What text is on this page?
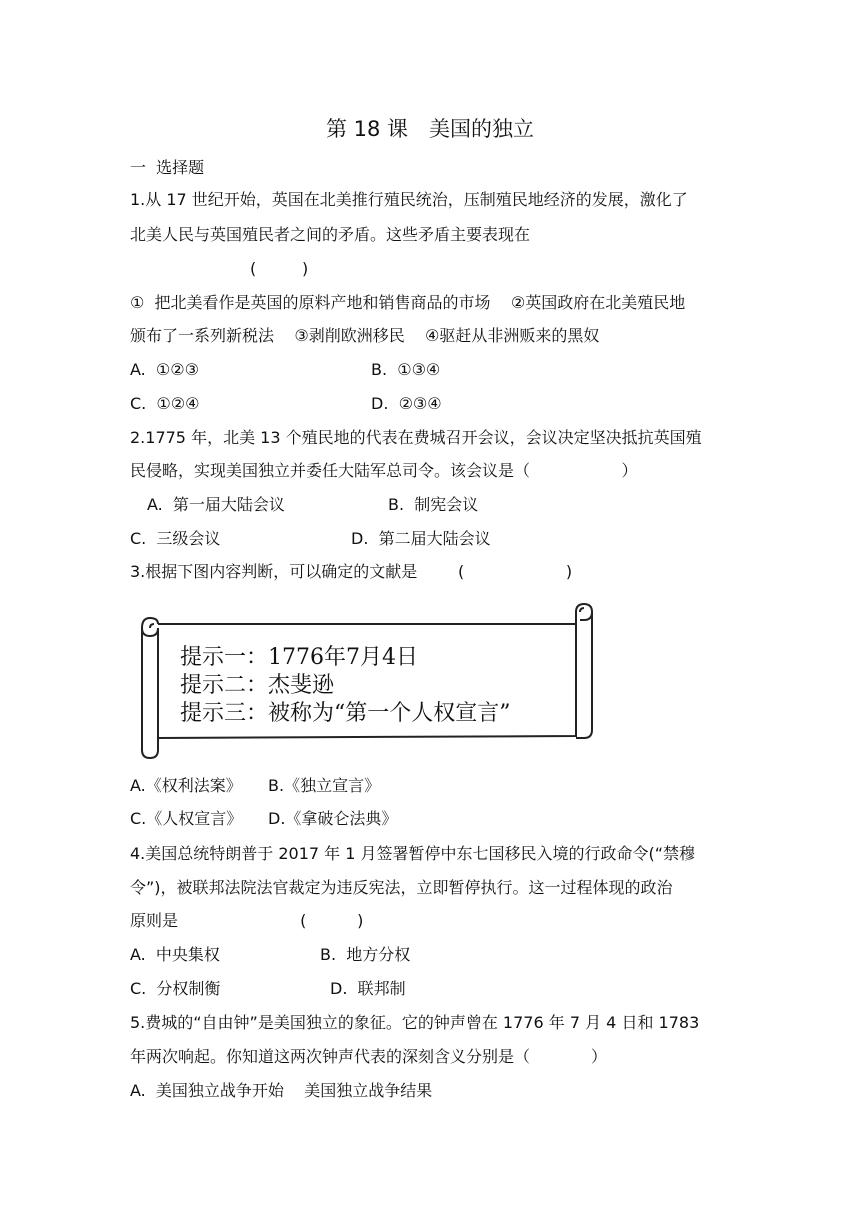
第 18 课　美国的独立
一  选择题
1.从 17 世纪开始，英国在北美推行殖民统治，压制殖民地经济的发展，激化了
北美人民与英国殖民者之间的矛盾。这些矛盾主要表现在
(         )
①  把北美看作是英国的原料产地和销售商品的市场    ②英国政府在北美殖民地
颁布了一系列新税法    ③剥削欧洲移民    ④驱赶从非洲贩来的黑奴
A.  ①②③	B.  ①③④
C.  ①②④	D.  ②③④
2.1775 年，北美 13 个殖民地的代表在费城召开会议，会议决定坚决抵抗英国殖
民侵略，实现美国独立并委任大陆军总司令。该会议是（                  ）
A.  第一届大陆会议	B.  制宪会议
C.  三级会议	D.  第二届大陆会议
3.根据下图内容判断，可以确定的文献是        (                    )
提示一：1776年7月4日
提示二：杰斐逊
提示三：被称为“第一个人权宣言”
A.《权利法案》 B.《独立宣言》
C.《人权宣言》 D.《拿破仑法典》
4.美国总统特朗普于 2017 年 1 月签署暂停中东七国移民入境的行政命令(“禁穆
令”)，被联邦法院法官裁定为违反宪法，立即暂停执行。这一过程体现的政治
原则是                        (          )
A.  中央集权	B.  地方分权
C.  分权制衡	D.  联邦制
5.费城的“自由钟”是美国独立的象征。它的钟声曾在 1776 年 7 月 4 日和 1783
年两次响起。你知道这两次钟声代表的深刻含义分别是（            ）
A.  美国独立战争开始    美国独立战争结果
